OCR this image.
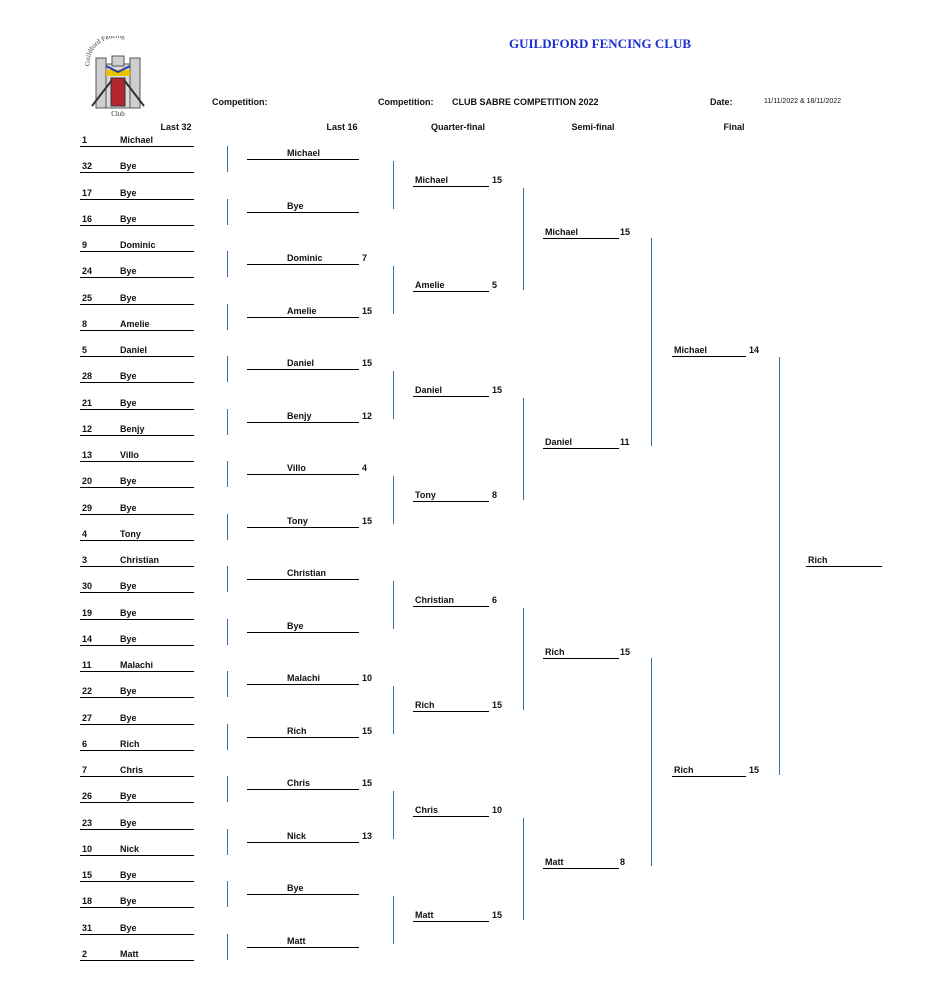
Guildford Fen g
Club
GUILDFORD FENCING CLUB
Competition:	Competition: CLUB SABRE COMPETITION 2022	Date:	11/11/2022 & 18/11/2022
Last 32	Last 16	Quarter-final	Semi-final	Final
1	Michael
32	Bye
17	Bye
16	Bye
9	Dominic
24	Bye
25	Bye
8	Amelie
5	Daniel
28	Bye
21	Bye
12	Benjy
13	Villo
20	Bye
29	Bye
4	Tony
3	Christian
30	Bye
19	Bye
14	Bye
11	Malachi
22	Bye
27	Bye
6	Rich
7	Chris
26	Bye
23	Bye
10	Nick
15	Bye
18	Bye
31	Bye
2	Matt
Michael
Bye
Dominic	7
Amelie	15
Daniel	15
Benjy	12
Villo	4
Tony	15
Christian
Bye
Malachi	10
Rich	15
Chris	15
Nick	13
Bye
Matt
Michael	15
Amelie	5
Daniel	15
Tony	8
Christian	6
Rich	15
Chris	10
Matt	15
Michael	15
Daniel	11
Rich	15
Matt	8
Michael	14
Rich	15
Rich
